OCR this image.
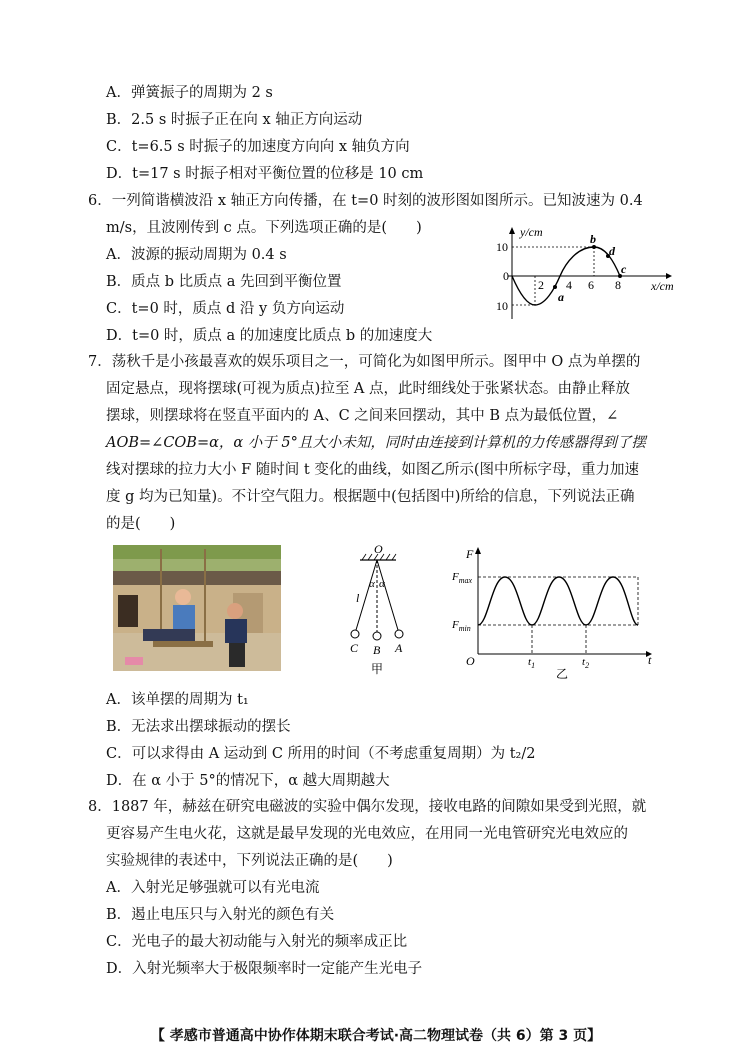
A．弹簧振子的周期为 2 s
B．2.5 s 时振子正在向 x 轴正方向运动
C．t=6.5 s 时振子的加速度方向向 x 轴负方向
D．t=17 s 时振子相对平衡位置的位移是 10 cm
6．一列简谐横波沿 x 轴正方向传播，在 t=0 时刻的波形图如图所示。已知波速为 0.4
m/s，且波刚传到 c 点。下列选项正确的是(　　)
A．波源的振动周期为 0.4 s
B．质点 b 比质点 a 先回到平衡位置
C．t=0 时，质点 d 沿 y 负方向运动
D．t=0 时，质点 a 的加速度比质点 b 的加速度大
y/cm
x/cm
0
10
10
2 4 6 8
a
b
c
d
7．荡秋千是小孩最喜欢的娱乐项目之一，可简化为如图甲所示。图甲中 O 点为单摆的
固定悬点，现将摆球(可视为质点)拉至 A 点，此时细线处于张紧状态。由静止释放
摆球，则摆球将在竖直平面内的 A、C 之间来回摆动，其中 B 点为最低位置，∠
AOB=∠COB=α，α 小于 5°且大小未知，同时由连接到计算机的力传感器得到了摆
线对摆球的拉力大小 F 随时间 t 变化的曲线，如图乙所示(图中所标字母，重力加速
度 g 均为已知量)。不计空气阻力。根据题中(包括图中)所给的信息，下列说法正确
的是(　　)
O
l
α α
C B A
甲
F
t
O
$F_{max}$
$F_{min}$
$t_1$	$t_2$
乙
A．该单摆的周期为 t₁
B．无法求出摆球振动的摆长
C．可以求得由 A 运动到 C 所用的时间（不考虑重复周期）为 t₂/2
D．在 α 小于 5°的情况下，α 越大周期越大
8．1887 年，赫兹在研究电磁波的实验中偶尔发现，接收电路的间隙如果受到光照，就
更容易产生电火花，这就是最早发现的光电效应，在用同一光电管研究光电效应的
实验规律的表述中，下列说法正确的是(　　)
A．入射光足够强就可以有光电流
B．遏止电压只与入射光的颜色有关
C．光电子的最大初动能与入射光的频率成正比
D．入射光频率大于极限频率时一定能产生光电子
【 孝感市普通高中协作体期末联合考试·高二物理试卷（共 6）第 3 页】
